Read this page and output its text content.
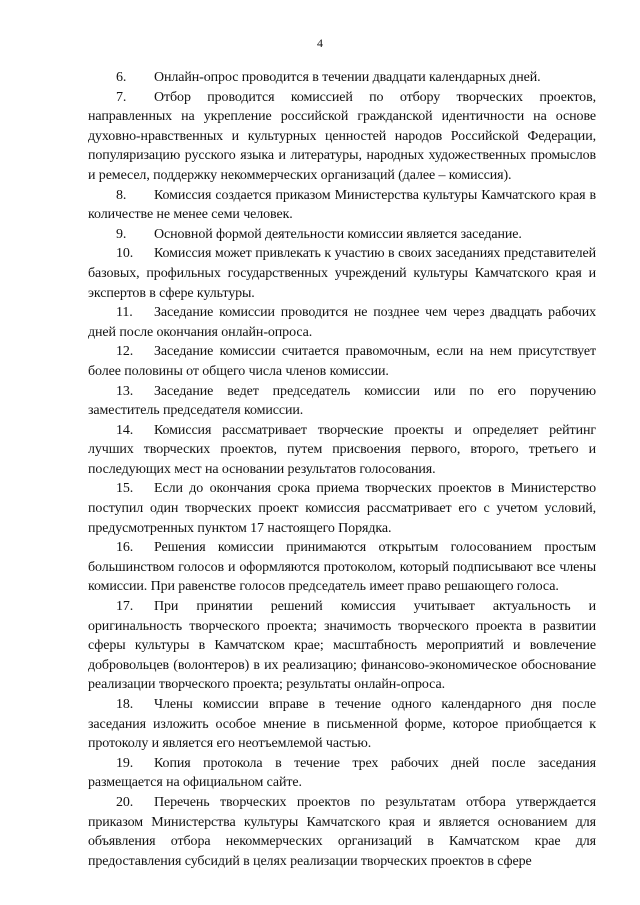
4

6. Онлайн-опрос проводится в течении двадцати календарных дней.

7. Отбор проводится комиссией по отбору творческих проектов, направленных на укрепление российской гражданской идентичности на основе духовно-нравственных и культурных ценностей народов Российской Федерации, популяризацию русского языка и литературы, народных художественных промыслов и ремесел, поддержку некоммерческих организаций (далее – комиссия).

8. Комиссия создается приказом Министерства культуры Камчатского края в количестве не менее семи человек.

9. Основной формой деятельности комиссии является заседание.

10. Комиссия может привлекать к участию в своих заседаниях представителей базовых, профильных государственных учреждений культуры Камчатского края и экспертов в сфере культуры.

11. Заседание комиссии проводится не позднее чем через двадцать рабочих дней после окончания онлайн-опроса.

12. Заседание комиссии считается правомочным, если на нем присутствует более половины от общего числа членов комиссии.

13. Заседание ведет председатель комиссии или по его поручению заместитель председателя комиссии.

14. Комиссия рассматривает творческие проекты и определяет рейтинг лучших творческих проектов, путем присвоения первого, второго, третьего и последующих мест на основании результатов голосования.

15. Если до окончания срока приема творческих проектов в Министерство поступил один творческих проект комиссия рассматривает его с учетом условий, предусмотренных пунктом 17 настоящего Порядка.

16. Решения комиссии принимаются открытым голосованием простым большинством голосов и оформляются протоколом, который подписывают все члены комиссии. При равенстве голосов председатель имеет право решающего голоса.

17. При принятии решений комиссия учитывает актуальность и оригинальность творческого проекта; значимость творческого проекта в развитии сферы культуры в Камчатском крае; масштабность мероприятий и вовлечение добровольцев (волонтеров) в их реализацию; финансово-экономическое обоснование реализации творческого проекта; результаты онлайн-опроса.

18. Члены комиссии вправе в течение одного календарного дня после заседания изложить особое мнение в письменной форме, которое приобщается к протоколу и является его неотъемлемой частью.

19. Копия протокола в течение трех рабочих дней после заседания размещается на официальном сайте.

20. Перечень творческих проектов по результатам отбора утверждается приказом Министерства культуры Камчатского края и является основанием для объявления отбора некоммерческих организаций в Камчатском крае для предоставления субсидий в целях реализации творческих проектов в сфере
